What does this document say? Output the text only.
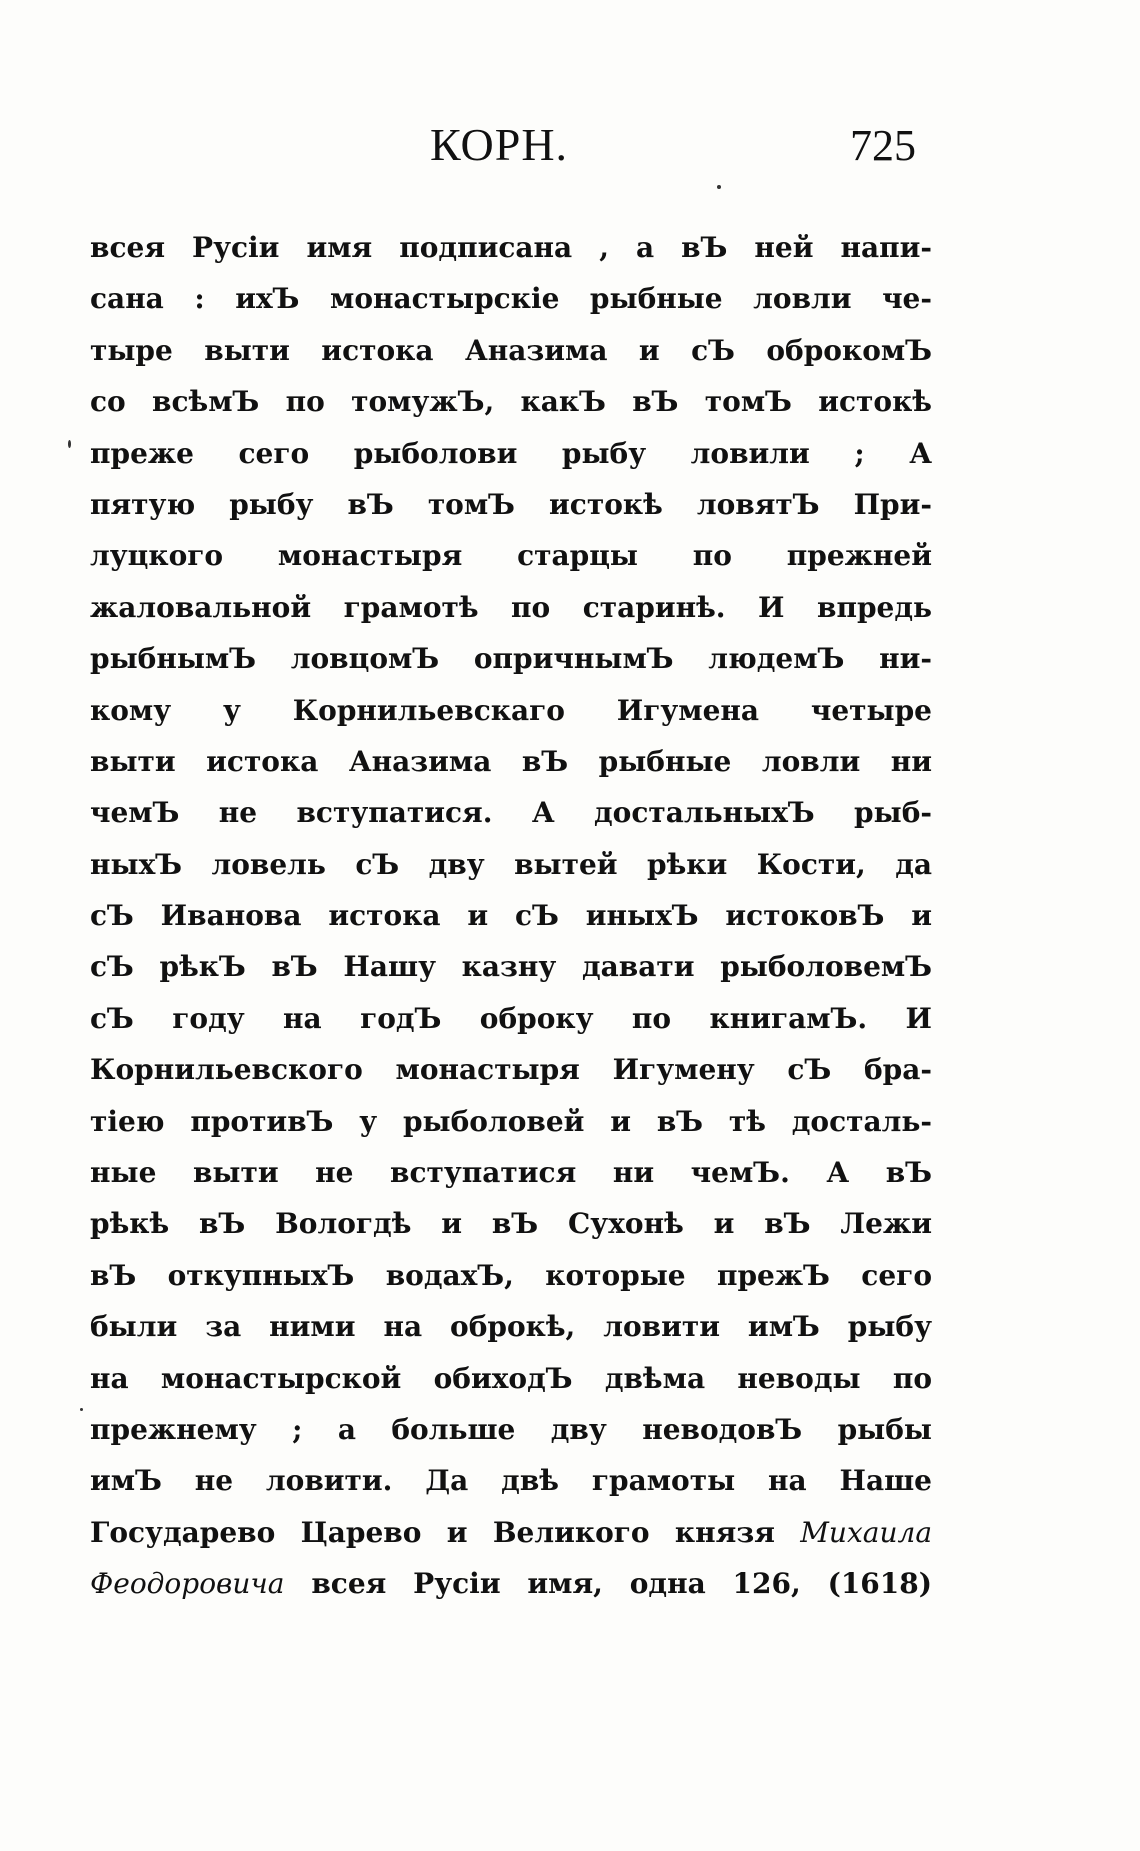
КОРН.	725
всея Русiи имя подписана , а вЪ ней напи-
сана : ихЪ монастырскiе рыбные ловли че-
тыре выти истока Аназима и сЪ оброкомЪ
со всѣмЪ по томужЪ, какЪ вЪ томЪ истокѣ
преже сего рыболови рыбу ловили ; А
пятую рыбу вЪ томЪ истокѣ ловятЪ При-
луцкого монастыря старцы по прежней
жаловальной грамотѣ по старинѣ. И впредь
рыбнымЪ ловцомЪ опричнымЪ людемЪ ни-
кому у Корнильевскаго Игумена четыре
выти истока Аназима вЪ рыбные ловли ни
чемЪ не вступатися. А достальныхЪ рыб-
ныхЪ ловель сЪ дву вытей рѣки Кости, да
сЪ Иванова истока и сЪ иныхЪ истоковЪ и
сЪ рѣкЪ вЪ Нашу казну давати рыболовемЪ
сЪ году на годЪ оброку по книгамЪ. И
Корнильевского монастыря Игумену сЪ бра-
тiею противЪ у рыболовей и вЪ тѣ досталь-
ные выти не вступатися ни чемЪ. А вЪ
рѣкѣ вЪ Вологдѣ и вЪ Сухонѣ и вЪ Лежи
вЪ откупныхЪ водахЪ, которые прежЪ сего
были за ними на оброкѣ, ловити имЪ рыбу
на монастырской обиходЪ двѣма неводы по
прежнему ; а больше дву неводовЪ рыбы
имЪ не ловити. Да двѣ грамоты на Наше
Государево Царево и Великого князя Михаила
Феодоровича всея Русiи имя, одна 126, (1618)
